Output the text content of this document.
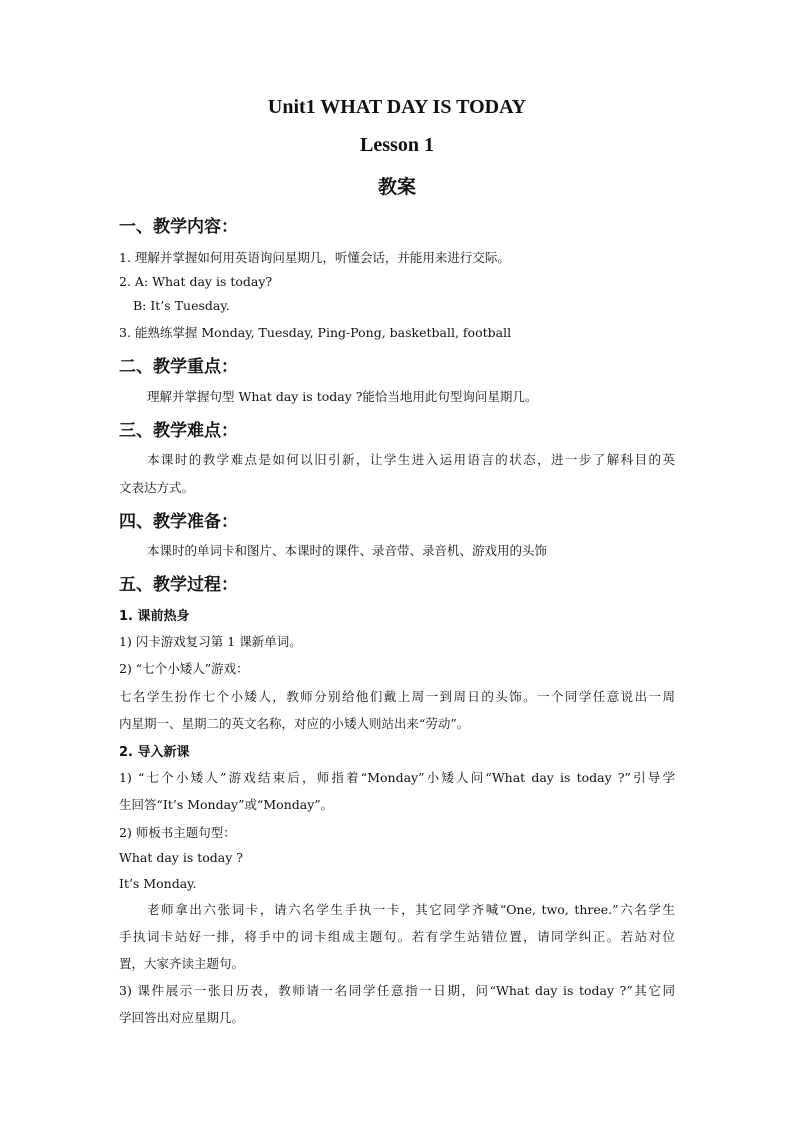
Unit1 WHAT DAY IS TODAY
Lesson 1
教案
一、教学内容：
1. 理解并掌握如何用英语询问星期几，听懂会话，并能用来进行交际。
2. A: What day is today?
B: It’s Tuesday.
3. 能熟练掌握 Monday, Tuesday, Ping-Pong, basketball, football
二、教学重点：
理解并掌握句型 What day is today ?能恰当地用此句型询问星期几。
三、教学难点：
本课时的教学难点是如何以旧引新，让学生进入运用语言的状态，进一步了解科目的英
文表达方式。
四、教学准备：
本课时的单词卡和图片、本课时的课件、录音带、录音机、游戏用的头饰
五、教学过程：
1. 课前热身
1) 闪卡游戏复习第 1 课新单词。
2) “七个小矮人”游戏：
七名学生扮作七个小矮人，教师分别给他们戴上周一到周日的头饰。一个同学任意说出一周
内星期一、星期二的英文名称，对应的小矮人则站出来“劳动”。
2. 导入新课
1) “七个小矮人”游戏结束后，师指着“Monday”小矮人问“What day is today ?”引导学
生回答“It’s Monday”或“Monday”。
2) 师板书主题句型：
What day is today ?
It’s Monday.
老师拿出六张词卡，请六名学生手执一卡，其它同学齐喊“One, two, three.”六名学生
手执词卡站好一排，将手中的词卡组成主题句。若有学生站错位置，请同学纠正。若站对位
置，大家齐读主题句。
3) 课件展示一张日历表，教师请一名同学任意指一日期，问“What day is today ?”其它同
学回答出对应星期几。
